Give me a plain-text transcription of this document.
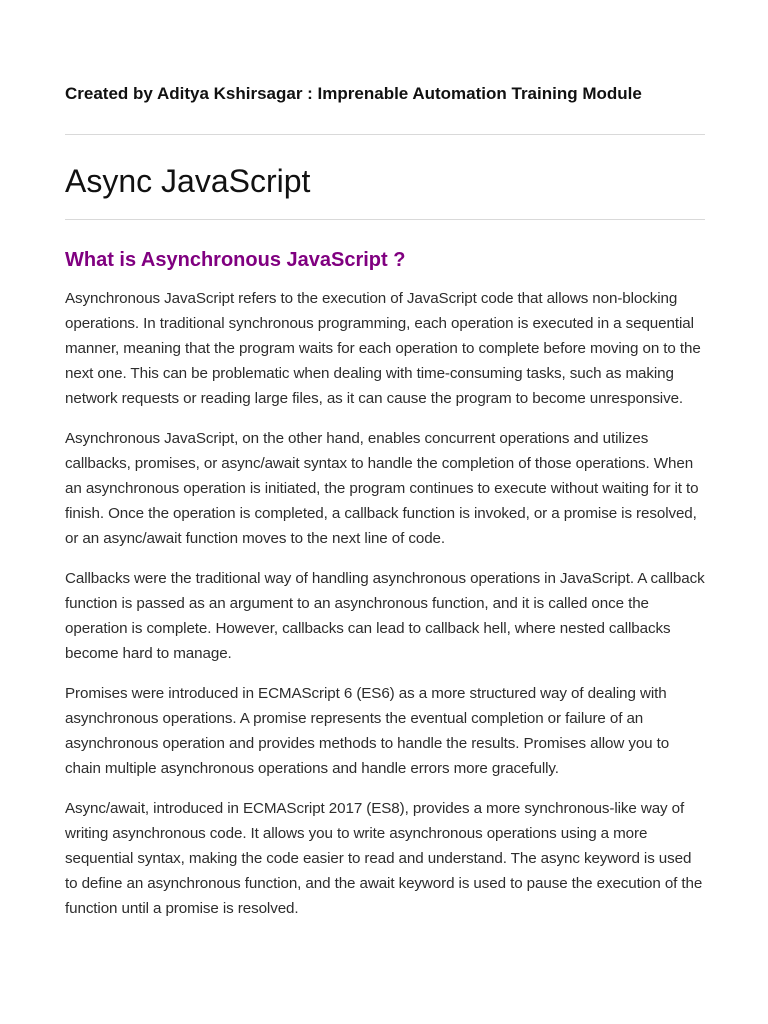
Created by Aditya Kshirsagar : Imprenable Automation Training Module
Async JavaScript
What is Asynchronous JavaScript ?

Asynchronous JavaScript refers to the execution of JavaScript code that allows non-blocking operations. In traditional synchronous programming, each operation is executed in a sequential manner, meaning that the program waits for each operation to complete before moving on to the next one. This can be problematic when dealing with time-consuming tasks, such as making network requests or reading large files, as it can cause the program to become unresponsive.

Asynchronous JavaScript, on the other hand, enables concurrent operations and utilizes callbacks, promises, or async/await syntax to handle the completion of those operations. When an asynchronous operation is initiated, the program continues to execute without waiting for it to finish. Once the operation is completed, a callback function is invoked, or a promise is resolved, or an async/await function moves to the next line of code.

Callbacks were the traditional way of handling asynchronous operations in JavaScript. A callback function is passed as an argument to an asynchronous function, and it is called once the operation is complete. However, callbacks can lead to callback hell, where nested callbacks become hard to manage.

Promises were introduced in ECMAScript 6 (ES6) as a more structured way of dealing with asynchronous operations. A promise represents the eventual completion or failure of an asynchronous operation and provides methods to handle the results. Promises allow you to chain multiple asynchronous operations and handle errors more gracefully.

Async/await, introduced in ECMAScript 2017 (ES8), provides a more synchronous-like way of writing asynchronous code. It allows you to write asynchronous operations using a more sequential syntax, making the code easier to read and understand. The async keyword is used to define an asynchronous function, and the await keyword is used to pause the execution of the function until a promise is resolved.
